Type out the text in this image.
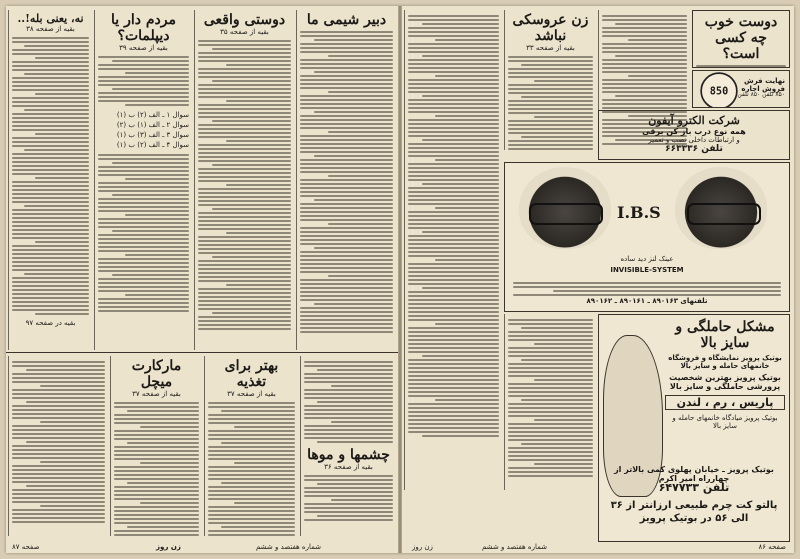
نه، یعنی بله!..
بقیه از صفحه ۳۸
بقیه در صفحه ۹۷
مردم دار یا دیپلمات؟
بقیه از صفحه ۳۹
سوال ۱ ـ الف (۲) ب (۱)
سوال ۲ ـ الف (۱) ب (۲)
سوال ۳ ـ الف (۳) ب (۱)
سوال ۴ ـ الف (۲) ب (۱)
دوستی واقعی
بقیه از صفحه ۳۵
دبیر شیمی ما
مارکارت میچل
بقیه از صفحه ۳۷
بهتر برای تغذیه
بقیه از صفحه ۳۷
چشمها و موها
بقیه از صفحه ۳۶
صفحه ۸۷	زن روز	شماره هفتصد و ششم
زن عروسکی نباشد
بقیه از صفحه ۳۳
دوست خوب چه کسی است؟
850
نهایت فرش فروش اجاره
۸۵۰ تلفن ۸۵۰ تلفن
شرکت الکترو آیفون
همه نوع درب باز کن برقی
و ارتباطات داخلی نصب و تعمیر
تلفن ۶۶۳۳۳۶
I.B.S
عینک لنز دید ساده
INVISIBLE-SYSTEM
تلفنهای ۸۹۰۱۶۳ ـ ۸۹۰۱۶۱ ـ ۸۹۰۱۶۲
مشکل حاملگی و سایز بالا
بوتیک پرویز نمایشگاه و فروشگاه خانمهای حامله و سایز بالا
بوتیک پرویز بهترین شخصیت پرورشی حاملگی و سایز بالا
پاریس ، رم ، لندن
بوتیک پرویز میادگاه خانمهای حامله و سایز بالا
بوتیک پرویز ـ خیابان پهلوی کمی بالاتر از چهارراه امیر اکرم
تلفن ۶۴۷۷۳۳
پالتو کت چرم طبیعی ارزانتر از ۳۶ الی ۵۶ در بوتیک پرویز
زن روز	شماره هفتصد و ششم	صفحه ۸۶
